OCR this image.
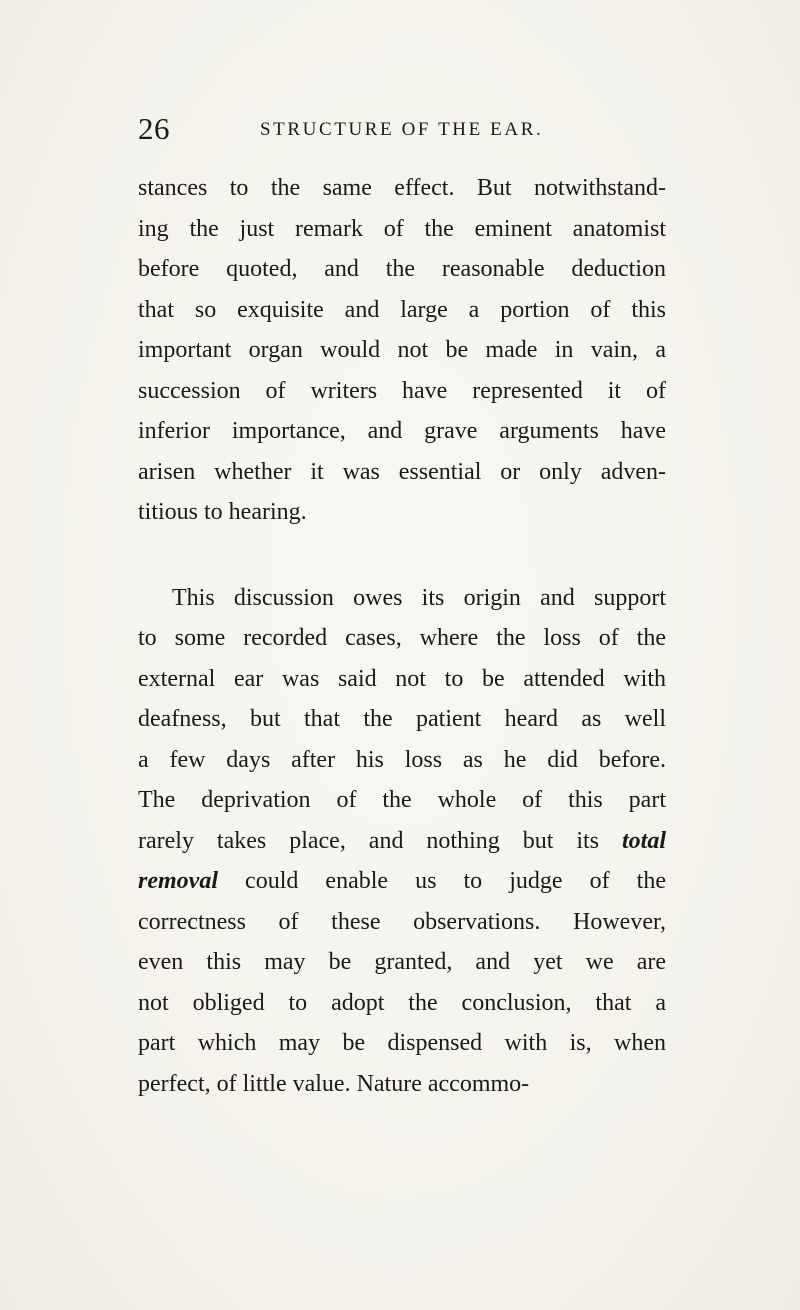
26	STRUCTURE OF THE EAR.
stances to the same effect. But notwithstand-
ing the just remark of the eminent anatomist
before quoted, and the reasonable deduction
that so exquisite and large a portion of this
important organ would not be made in vain, a
succession of writers have represented it of
inferior importance, and grave arguments have
arisen whether it was essential or only adven-
titious to hearing.
This discussion owes its origin and support
to some recorded cases, where the loss of the
external ear was said not to be attended with
deafness, but that the patient heard as well
a few days after his loss as he did before.
The deprivation of the whole of this part
rarely takes place, and nothing but its total
removal could enable us to judge of the
correctness of these observations. However,
even this may be granted, and yet we are
not obliged to adopt the conclusion, that a
part which may be dispensed with is, when
perfect, of little value. Nature accommo-
